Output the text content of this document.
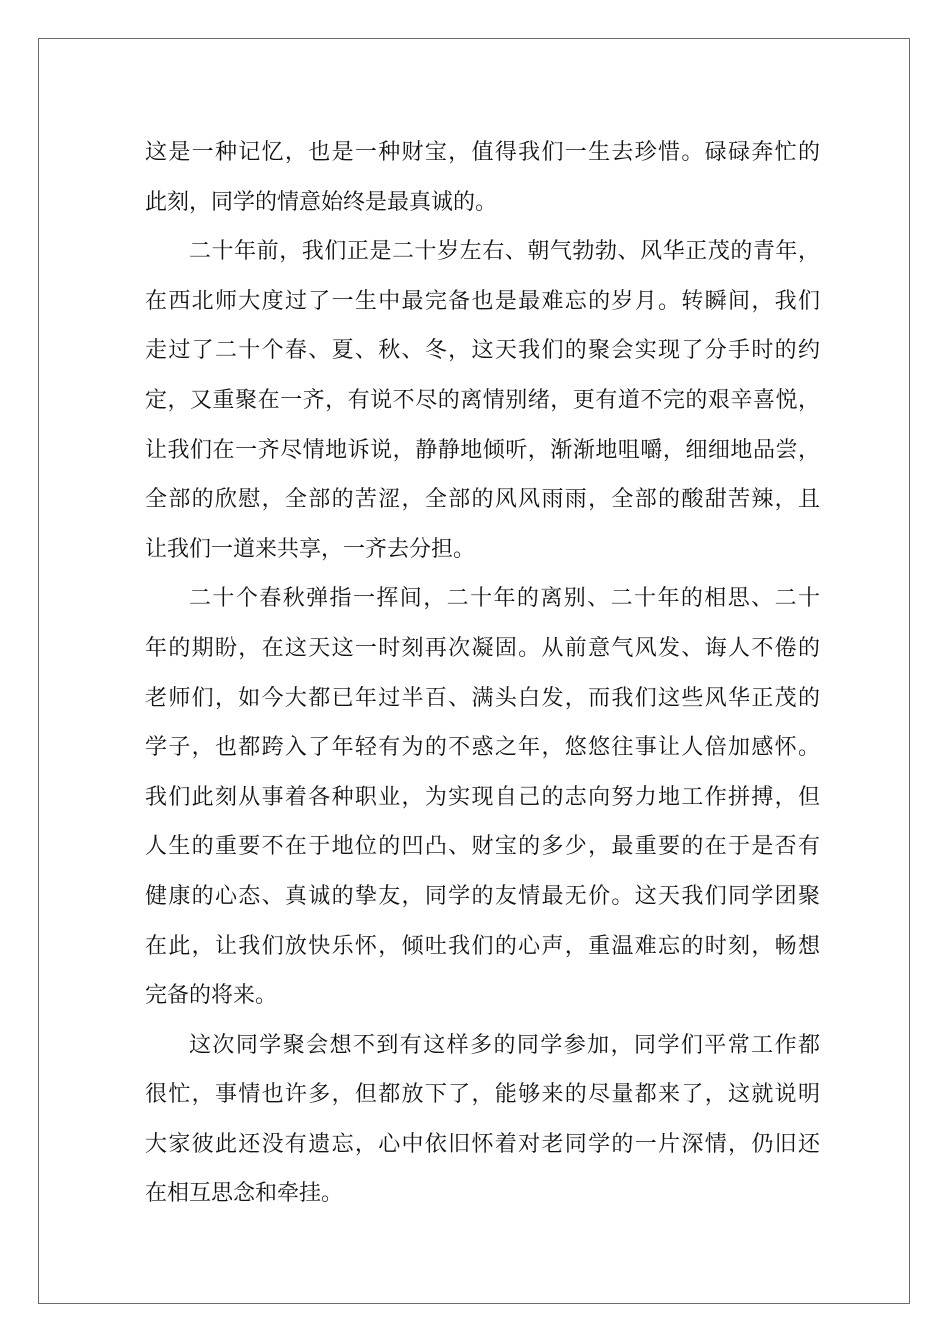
这是一种记忆，也是一种财宝，值得我们一生去珍惜。碌碌奔忙的
此刻，同学的情意始终是最真诚的。

二十年前，我们正是二十岁左右、朝气勃勃、风华正茂的青年，
在西北师大度过了一生中最完备也是最难忘的岁月。转瞬间，我们
走过了二十个春、夏、秋、冬，这天我们的聚会实现了分手时的约
定，又重聚在一齐，有说不尽的离情别绪，更有道不完的艰辛喜悦，
让我们在一齐尽情地诉说，静静地倾听，渐渐地咀嚼，细细地品尝，
全部的欣慰，全部的苦涩，全部的风风雨雨，全部的酸甜苦辣，且
让我们一道来共享，一齐去分担。

二十个春秋弹指一挥间，二十年的离别、二十年的相思、二十
年的期盼，在这天这一时刻再次凝固。从前意气风发、诲人不倦的
老师们，如今大都已年过半百、满头白发，而我们这些风华正茂的
学子，也都跨入了年轻有为的不惑之年，悠悠往事让人倍加感怀。
我们此刻从事着各种职业，为实现自己的志向努力地工作拼搏，但
人生的重要不在于地位的凹凸、财宝的多少，最重要的在于是否有
健康的心态、真诚的挚友，同学的友情最无价。这天我们同学团聚
在此，让我们放快乐怀，倾吐我们的心声，重温难忘的时刻，畅想
完备的将来。

这次同学聚会想不到有这样多的同学参加，同学们平常工作都
很忙，事情也许多，但都放下了，能够来的尽量都来了，这就说明
大家彼此还没有遗忘，心中依旧怀着对老同学的一片深情，仍旧还
在相互思念和牵挂。
